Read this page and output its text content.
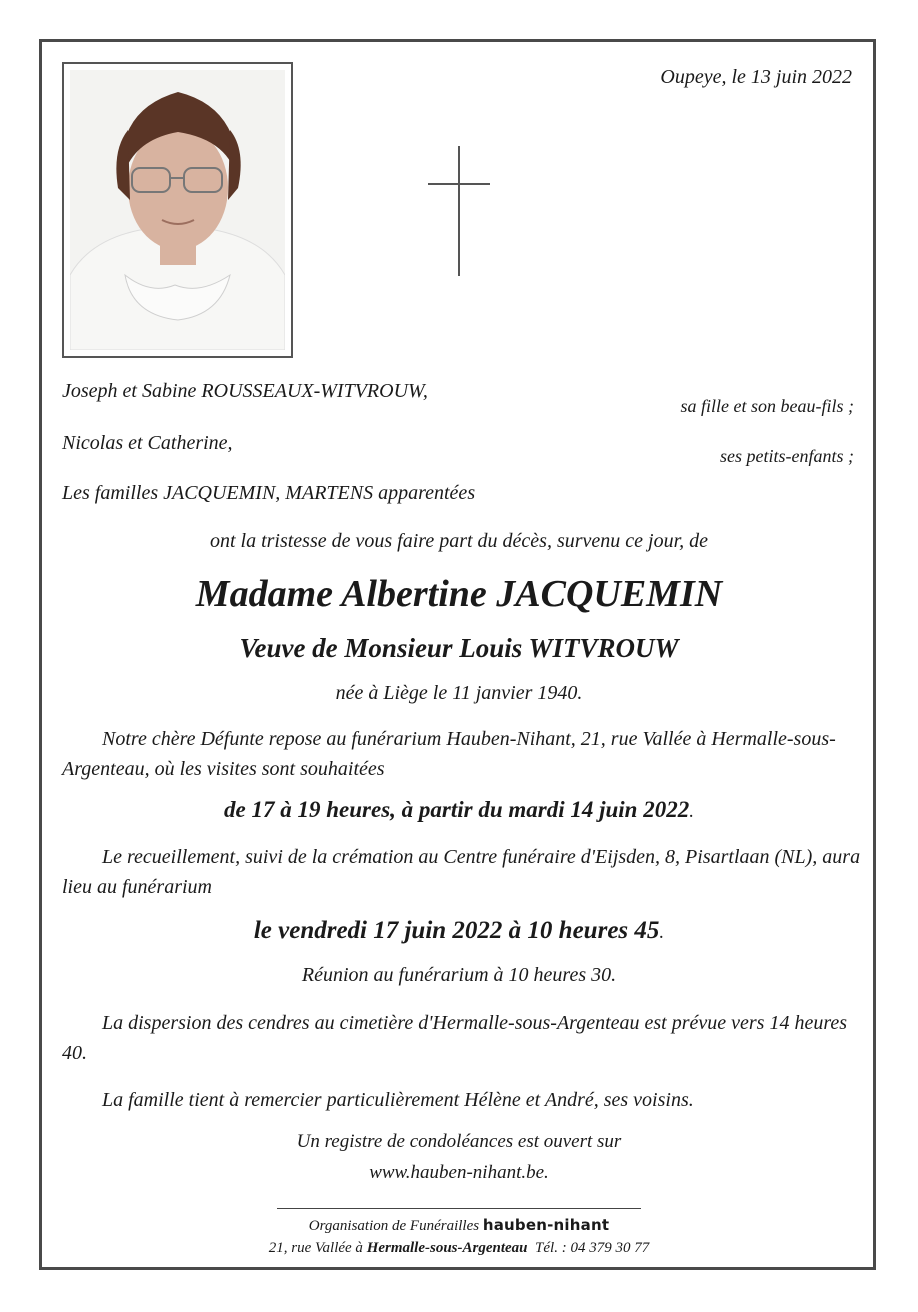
Oupeye, le 13 juin 2022
Joseph et Sabine ROUSSEAUX-WITVROUW,
sa fille et son beau-fils ;
Nicolas et Catherine,
ses petits-enfants ;
Les familles JACQUEMIN, MARTENS apparentées
ont la tristesse de vous faire part du décès, survenu ce jour, de
Madame Albertine JACQUEMIN
Veuve de Monsieur Louis WITVROUW
née à Liège le 11 janvier 1940.
Notre chère Défunte repose au funérarium Hauben-Nihant, 21, rue Vallée à Hermalle-sous-Argenteau, où les visites sont souhaitées
de 17 à 19 heures, à partir du mardi 14 juin 2022.
Le recueillement, suivi de la crémation au Centre funéraire d'Eijsden, 8, Pisartlaan (NL), aura lieu au funérarium
le vendredi 17 juin 2022 à 10 heures 45.
Réunion au funérarium à 10 heures 30.
La dispersion des cendres au cimetière d'Hermalle-sous-Argenteau est prévue vers 14 heures 40.
La famille tient à remercier particulièrement Hélène et André, ses voisins.
Un registre de condoléances est ouvert sur
www.hauben-nihant.be.
Organisation de Funérailles hauben-nihant
21, rue Vallée à Hermalle-sous-Argenteau Tél. : 04 379 30 77
